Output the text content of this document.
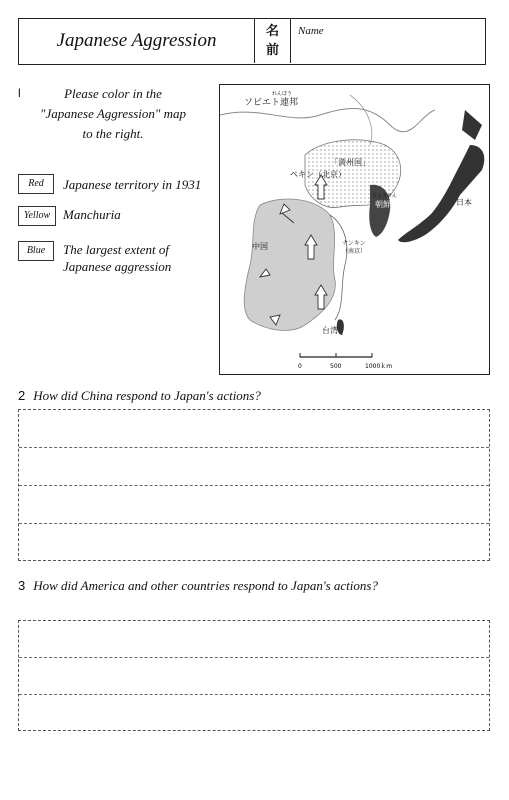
Japanese Aggression	名
前
Name
l	Please color in the
"Japanese Aggression" map
to the right.
Red	Japanese territory in 1931
Yellow Manchuria
Blue	The largest extent of
Japanese aggression
れんぽう
ソビエト連邦
「満州国」
ペキン（北京）
ちょうせん
朝鮮	日本
中国	ナンキン
（南京）
台湾
0	500	1000ｋm
2 How did China respond to Japan's actions?
3 How did America and other countries respond to Japan's actions?
